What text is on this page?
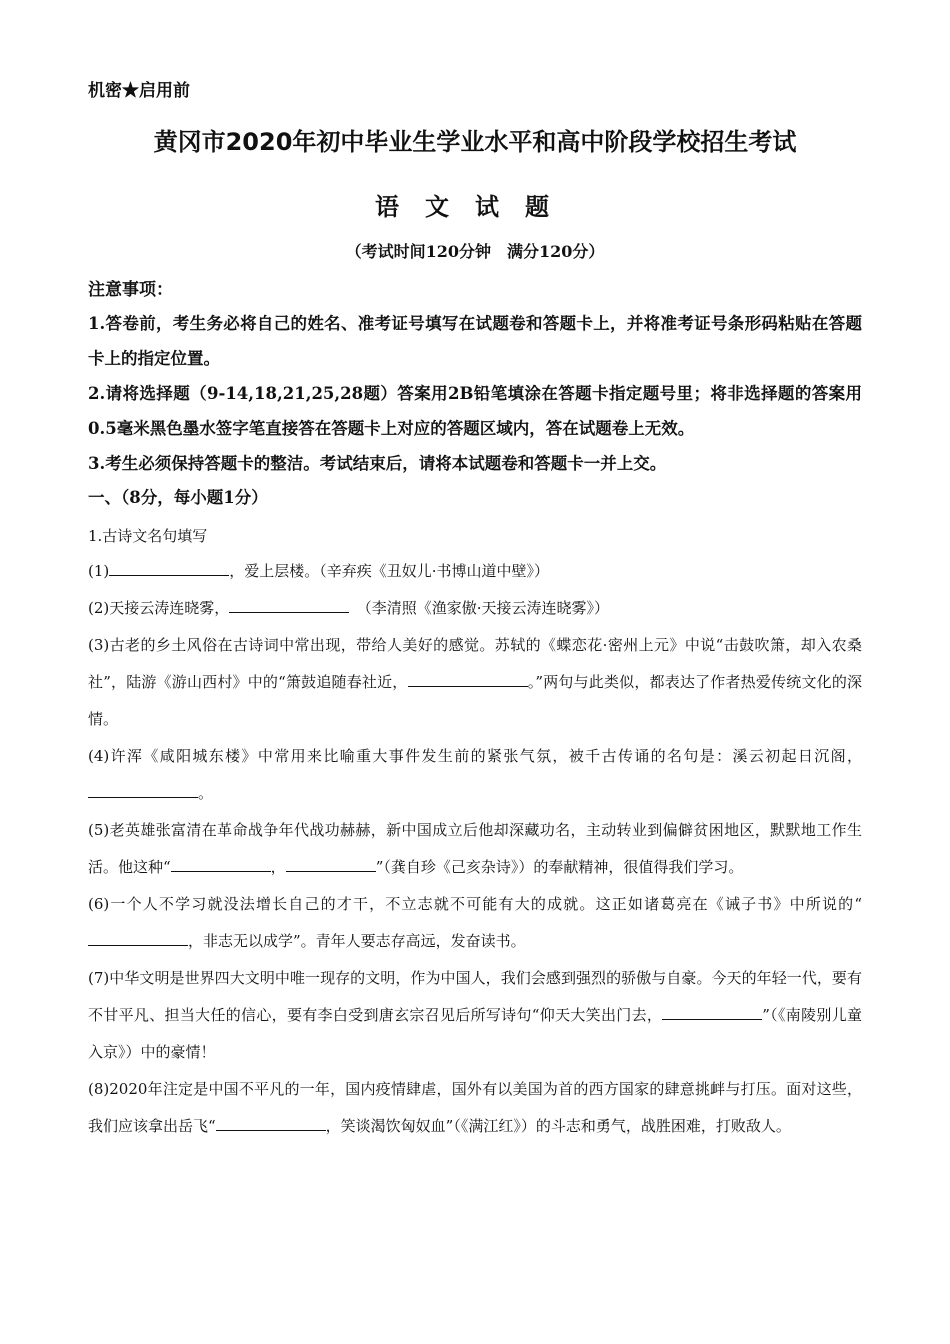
机密★启用前
黄冈市2020年初中毕业生学业水平和高中阶段学校招生考试
语文试题
（考试时间120分钟　满分120分）
注意事项：
1.答卷前，考生务必将自己的姓名、准考证号填写在试题卷和答题卡上，并将准考证号条形码粘贴在答题卡上的指定位置。
2.请将选择题（9-14,18,21,25,28题）答案用2B铅笔填涂在答题卡指定题号里；将非选择题的答案用0.5毫米黑色墨水签字笔直接答在答题卡上对应的答题区域内，答在试题卷上无效。
3.考生必须保持答题卡的整洁。考试结束后，请将本试题卷和答题卡一并上交。
一、（8分，每小题1分）
1.古诗文名句填写
(1)	，爱上层楼。（辛弃疾《丑奴儿·书博山道中壁》）
(2)天接云涛连晓雾，	　（李清照《渔家傲·天接云涛连晓雾》）
(3)古老的乡土风俗在古诗词中常出现，带给人美好的感觉。苏轼的《蝶恋花·密州上元》中说“击鼓吹箫，却入农桑社”，陆游《游山西村》中的“箫鼓追随春社近，	。”两句与此类似，都表达了作者热爱传统文化的深情。
(4)许浑《咸阳城东楼》中常用来比喻重大事件发生前的紧张气氛，被千古传诵的名句是：溪云初起日沉阁，。
(5)老英雄张富清在革命战争年代战功赫赫，新中国成立后他却深藏功名，主动转业到偏僻贫困地区，默默地工作生活。他这种“	，	”（龚自珍《己亥杂诗》）的奉献精神，很值得我们学习。
(6)一个人不学习就没法增长自己的才干，不立志就不可能有大的成就。这正如诸葛亮在《诫子书》中所说的“，非志无以成学”。青年人要志存高远，发奋读书。
(7)中华文明是世界四大文明中唯一现存的文明，作为中国人，我们会感到强烈的骄傲与自豪。今天的年轻一代，要有不甘平凡、担当大任的信心，要有李白受到唐玄宗召见后所写诗句“仰天大笑出门去，	”（《南陵别儿童入京》）中的豪情！
(8)2020年注定是中国不平凡的一年，国内疫情肆虐，国外有以美国为首的西方国家的肆意挑衅与打压。面对这些，我们应该拿出岳飞“	，笑谈渴饮匈奴血”（《满江红》）的斗志和勇气，战胜困难，打败敌人。
